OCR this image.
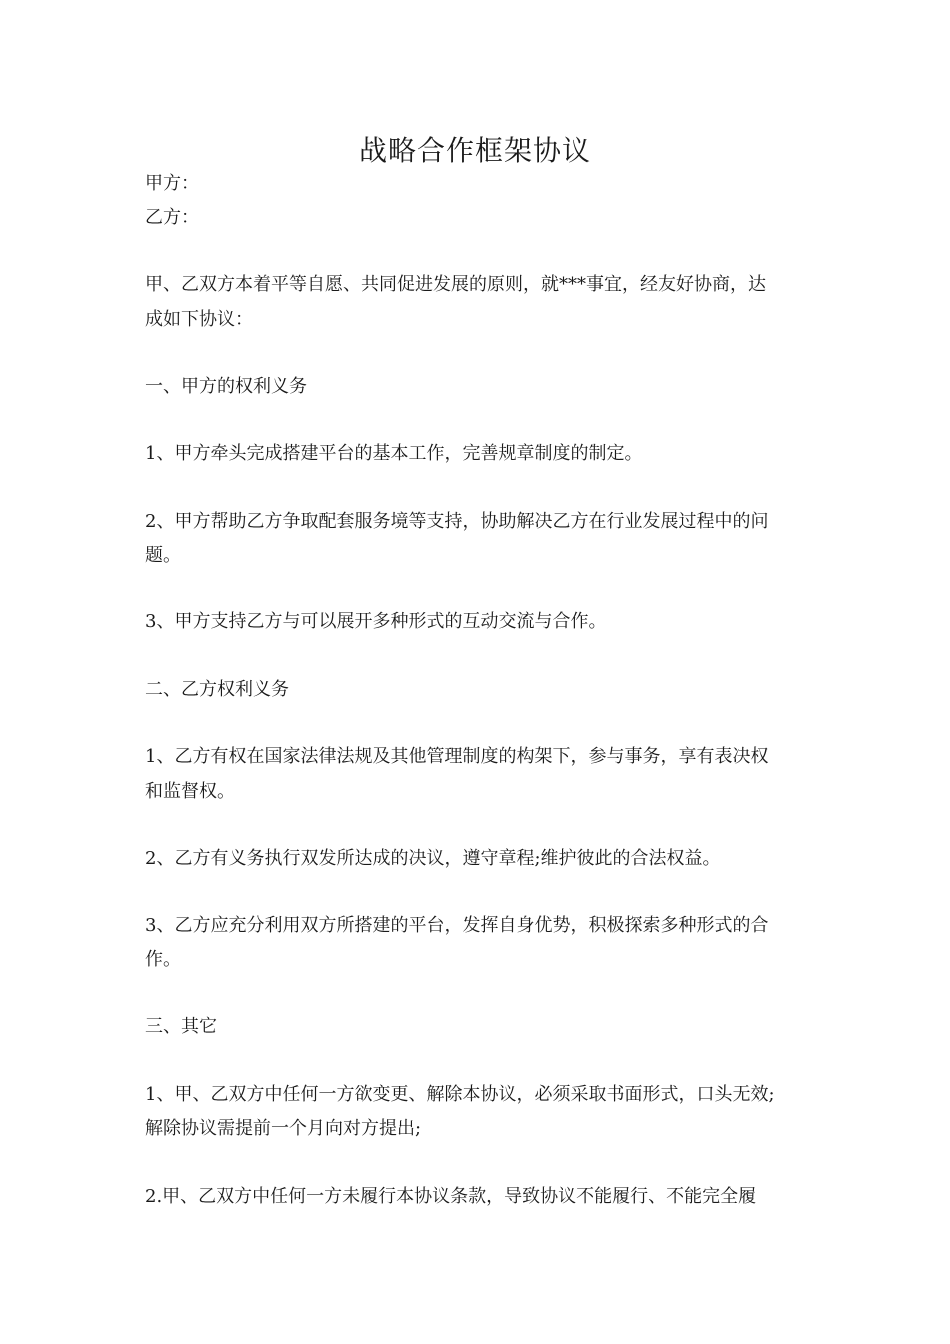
战略合作框架协议
甲方：
乙方：
甲、乙双方本着平等自愿、共同促进发展的原则，就***事宜，经友好协商，达
成如下协议：
一、甲方的权利义务
1、甲方牵头完成搭建平台的基本工作，完善规章制度的制定。
2、甲方帮助乙方争取配套服务境等支持，协助解决乙方在行业发展过程中的问
题。
3、甲方支持乙方与可以展开多种形式的互动交流与合作。
二、乙方权利义务
1、乙方有权在国家法律法规及其他管理制度的构架下，参与事务，享有表决权
和监督权。
2、乙方有义务执行双发所达成的决议，遵守章程;维护彼此的合法权益。
3、乙方应充分利用双方所搭建的平台，发挥自身优势，积极探索多种形式的合
作。
三、其它
1、甲、乙双方中任何一方欲变更、解除本协议，必须采取书面形式，口头无效;
解除协议需提前一个月向对方提出;
2.甲、乙双方中任何一方未履行本协议条款，导致协议不能履行、不能完全履
